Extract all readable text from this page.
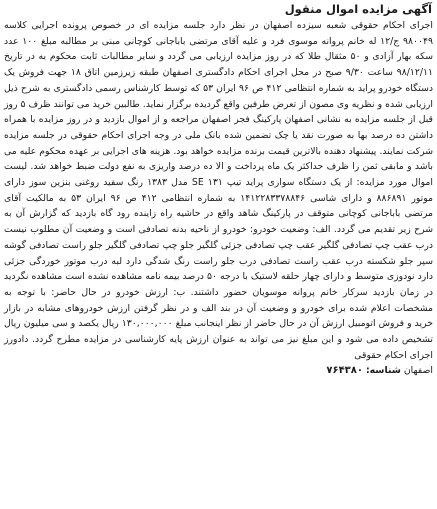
آگهی مزایده اموال منقول

اجرای احکام حقوقی شعبه سیزده اصفهان در نظر دارد جلسه مزایده ای در خصوص پرونده اجرایی کلاسه ۹۸۰۰۴۹ ج/۱۲ له خانم پروانه موسوی فرد و علیه آقای مرتضی باباجانی کوچانی مبنی بر مطالبه مبلغ ۱۰۰ عدد سکه بهار آزادی و ۵۰ مثقال طلا که در روز مزایده ارزیابی می گردد و سایر مطالبات ثابت محکوم به در تاریخ ۹۸/۱۲/۱۱ ساعت ۹/۳۰ صبح در محل اجرای احکام دادگستری اصفهان طبقه زیرزمین اتاق ۱۸ جهت فروش یک دستگاه خودرو پراید به شماره انتظامی ۴۱۲ ص ۹۶ ایران ۵۳ که توسط کارشناس رسمی دادگستری به شرح ذیل ارزیابی شده و نظریه وی مصون از تعرض طرفین واقع گردیده برگزار نماید. طالبین خرید می توانند ظرف ۵ روز قبل از جلسه مزایده به نشانی اصفهان پارکینگ فجر اصفهان مراجعه و از اموال بازدید و در روز مزایده با همراه داشتن ده درصد بها به صورت نقد یا چک تضمین شده بانک ملی در وجه اجرای احکام حقوقی در جلسه مزایده شرکت نمایند. پیشنهاد دهنده بالاترین قیمت برنده مزایده خواهد بود. هزینه های اجرایی بر عهده محکوم علیه می باشد و مابقی ثمن را ظرف حداکثر یک ماه پرداخت و الا ده درصد واریزی به نفع دولت ضبط خواهد شد. لیست اموال مورد مزایده: از یک دستگاه سواری پراید تیپ ۱۳۱ SE مدل ۱۳۸۳ رنگ سفید روغنی بنزین سوز دارای موتور ۸۸۶۸۹۱ و دارای شاسی ۱۴۱۲۲۸۳۳۷۸۸۴۶ به شماره انتظامی ۴۱۲ ص ۹۶ ایران ۵۳ به مالکیت آقای مرتضی باباجانی کوچانی متوقف در پارکینگ شاهد واقع در حاشیه راه زاینده رود گاه بازدید که گزارش آن به شرح زیر تقدیم می گردد. الف: وضعیت خودرو: خودرو از ناحیه بدنه تصادفی است و وضعیت آن مطلوب نیست درب عقب چپ تصادفی گلگیر عقب چپ تصادفی جزئی گلگیر جلو چپ تصادفی گلگیر جلو راست تصادفی گوشه سپر جلو شکسته درب عقب راست تصادفی درب جلو راست رنگ شدگی دارد لبه درب موتور خوردگی جزئی دارد نودوزی متوسط و دارای چهار حلقه لاستیک با درجه ۵۰ درصد بیمه نامه مشاهده نشده است مشاهده نگردید در زمان بازدید سرکار خانم پروانه موسویان حضور داشتند. ب: ارزش خودرو در حال حاضر: با توجه به مشخصات اعلام شده برای خودرو و وضعیت آن در بند الف و در نظر گرفتن ارزش خودروهای مشابه در بازار خرید و فروش اتومبیل ارزش آن در حال حاضر از نظر اینجانب مبلغ ۱۳۰,۰۰۰,۰۰۰ ریال یکصد و سی میلیون ریال تشخیص داده می شود و این مبلغ نیز می تواند به عنوان ارزش پایه کارشناسی در مزایده مطرح گردد. دادورز اجرای احکام حقوقی

اصفهان شناسه: ۷۶۴۳۸۰
